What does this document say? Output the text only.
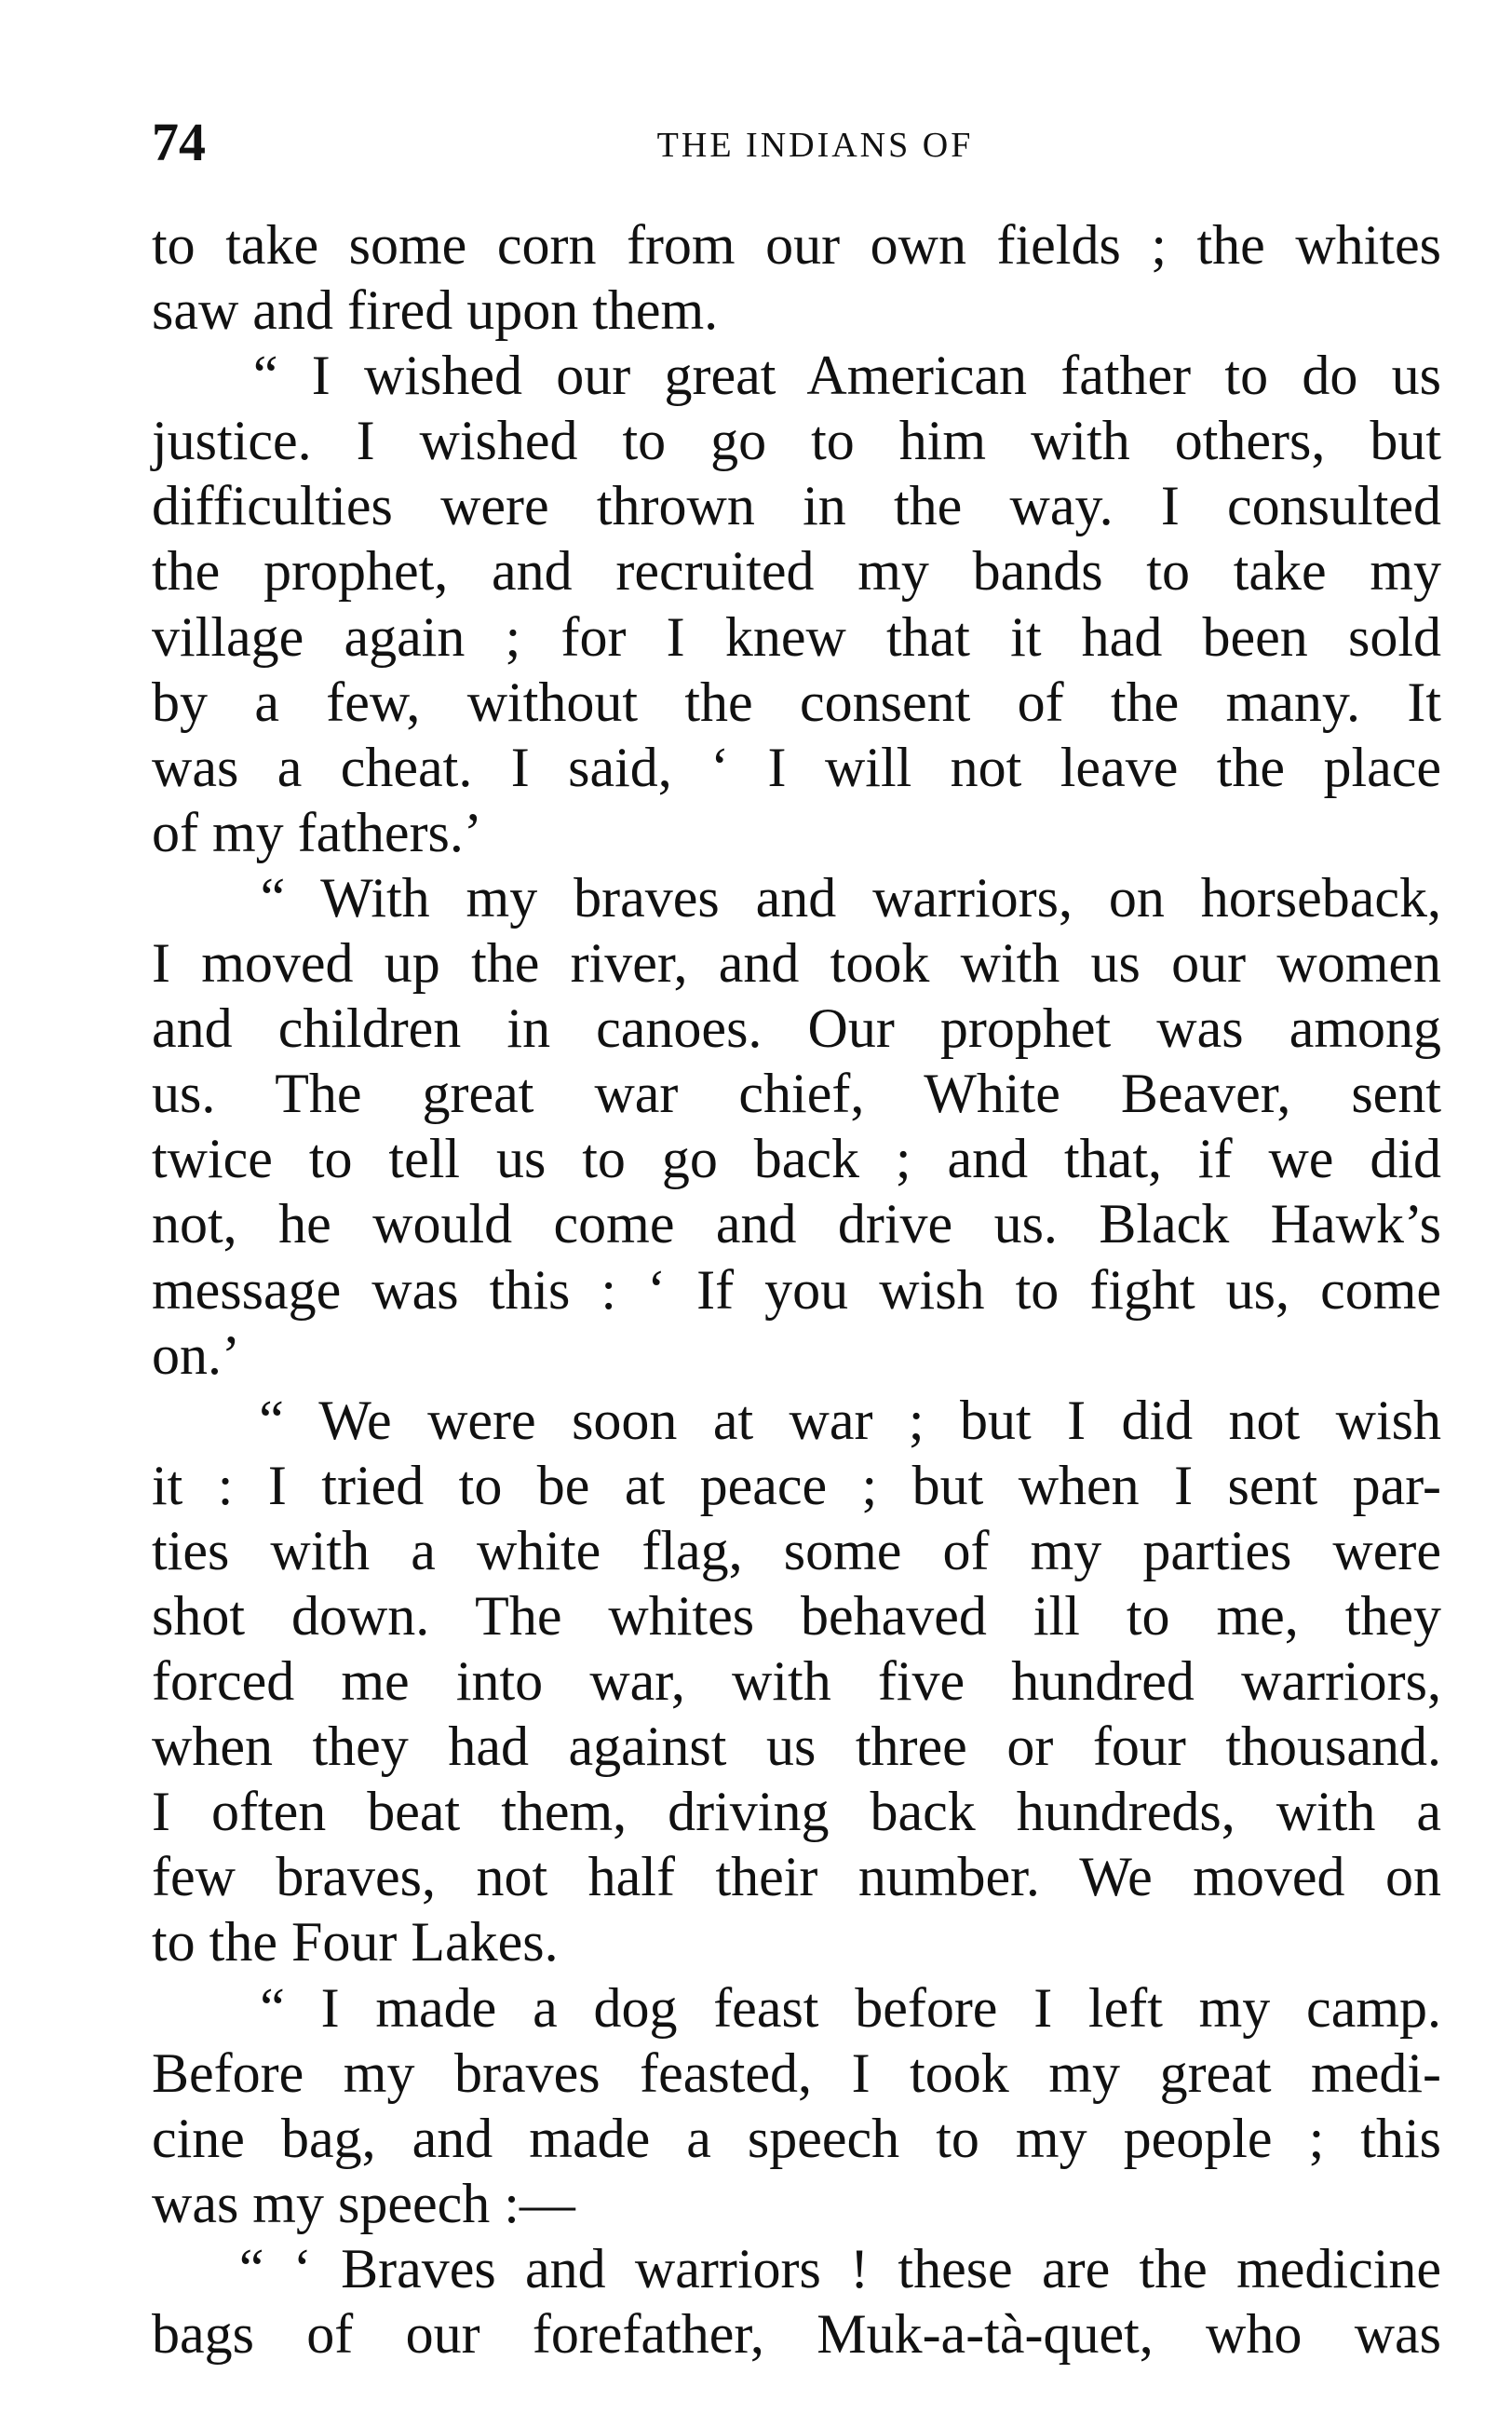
74	THE INDIANS OF
to take some corn from our own fields ; the whites
saw and fired upon them.
“ I wished our great American father to do us
justice. I wished to go to him with others, but
difficulties were thrown in the way. I consulted
the prophet, and recruited my bands to take my
village again ; for I knew that it had been sold
by a few, without the consent of the many. It
was a cheat. I said, ‘ I will not leave the place
of my fathers.’
“ With my braves and warriors, on horseback,
I moved up the river, and took with us our women
and children in canoes. Our prophet was among
us. The great war chief, White Beaver, sent
twice to tell us to go back ; and that, if we did
not, he would come and drive us. Black Hawk’s
message was this : ‘ If you wish to fight us, come
on.’
“ We were soon at war ; but I did not wish
it : I tried to be at peace ; but when I sent par-
ties with a white flag, some of my parties were
shot down. The whites behaved ill to me, they
forced me into war, with five hundred warriors,
when they had against us three or four thousand.
I often beat them, driving back hundreds, with a
few braves, not half their number. We moved on
to the Four Lakes.
“ I made a dog feast before I left my camp.
Before my braves feasted, I took my great medi-
cine bag, and made a speech to my people ; this
was my speech :—
“ ‘ Braves and warriors ! these are the medicine
bags of our forefather, Muk-a-tà-quet, who was
